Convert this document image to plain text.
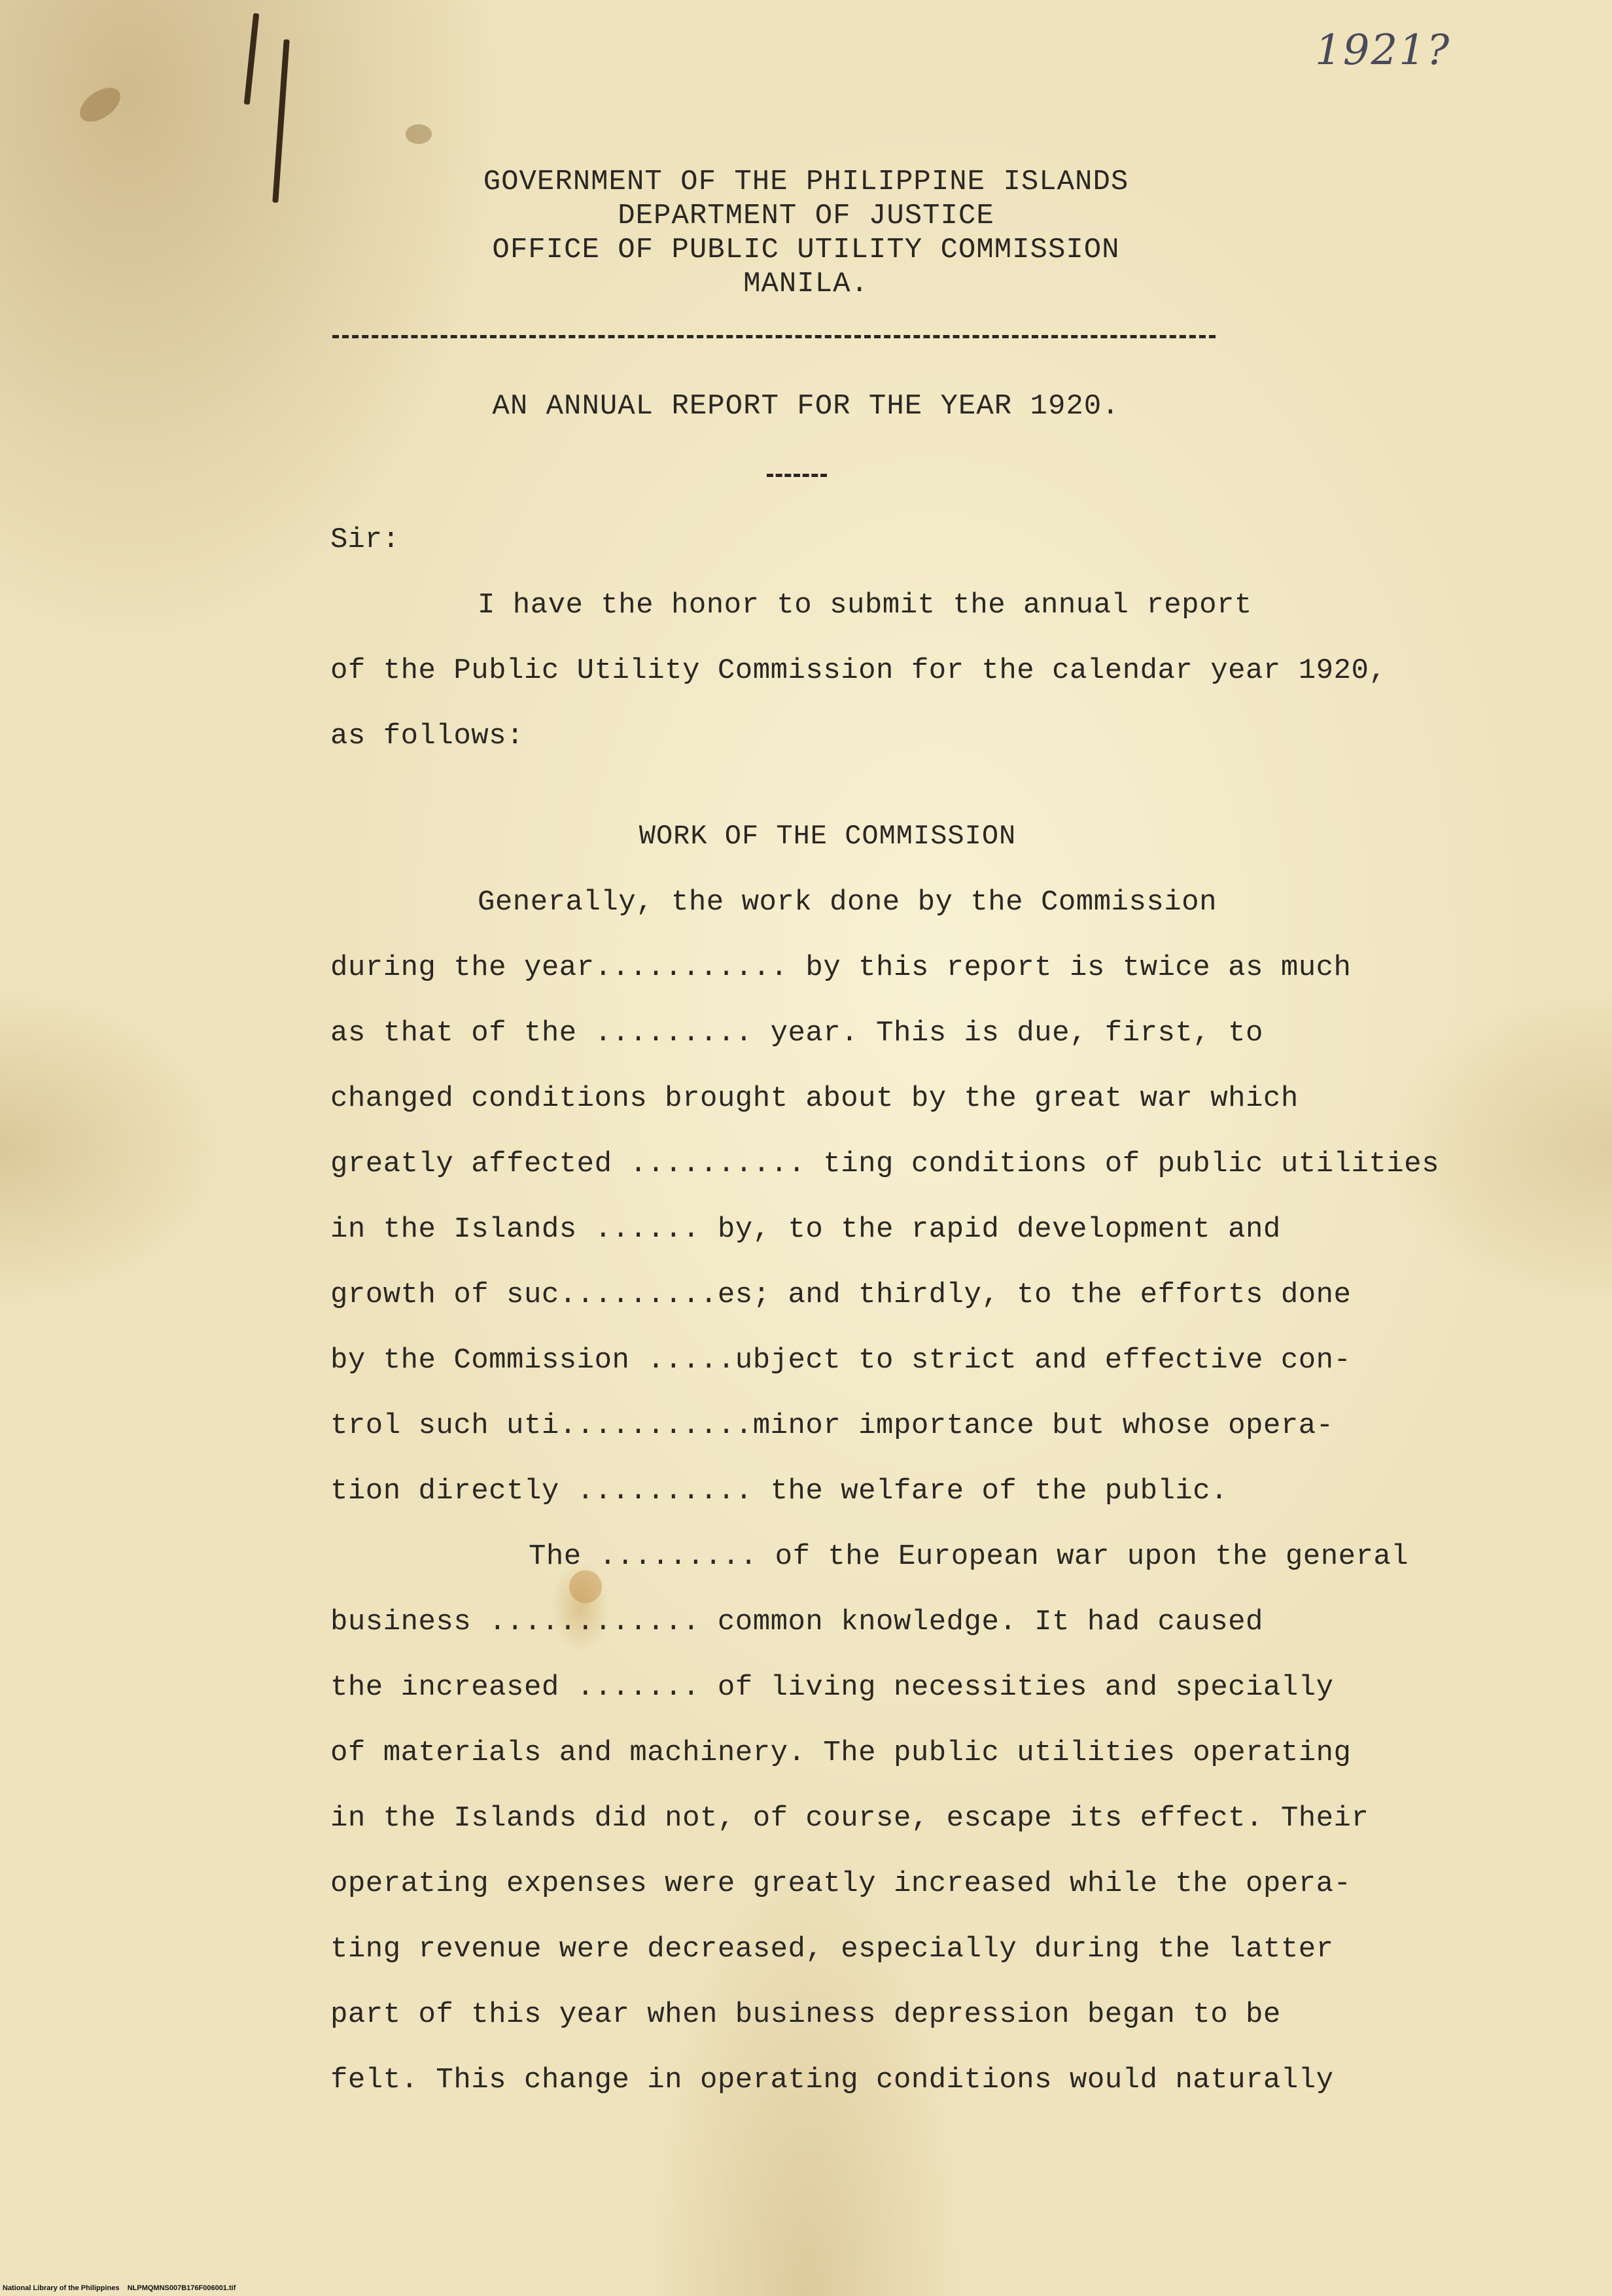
1921?
GOVERNMENT OF THE PHILIPPINE ISLANDS
DEPARTMENT OF JUSTICE
OFFICE OF PUBLIC UTILITY COMMISSION
MANILA.
AN ANNUAL REPORT FOR THE YEAR 1920.
Sir:
I have the honor to submit the annual report
of the Public Utility Commission for the calendar year 1920,
as follows:
WORK OF THE COMMISSION
Generally, the work done by the Commission
during the year........... by this report is twice as much
as that of the ......... year. This is due, first, to
changed conditions brought about by the great war which
greatly affected .......... ting conditions of public utilities
in the Islands ...... by, to the rapid development and
growth of suc.........es; and thirdly, to the efforts done
by the Commission .....ubject to strict and effective con-
trol such uti...........minor importance but whose opera-
tion directly .......... the welfare of the public.
The ......... of the European war upon the general
business ............ common knowledge. It had caused
the increased ....... of living necessities and specially
of materials and machinery. The public utilities operating
in the Islands did not, of course, escape its effect. Their
operating expenses were greatly increased while the opera-
ting revenue were decreased, especially during the latter
part of this year when business depression began to be
felt. This change in operating conditions would naturally
National Library of the Philippines    NLPMQMNS007B176F006001.tif
